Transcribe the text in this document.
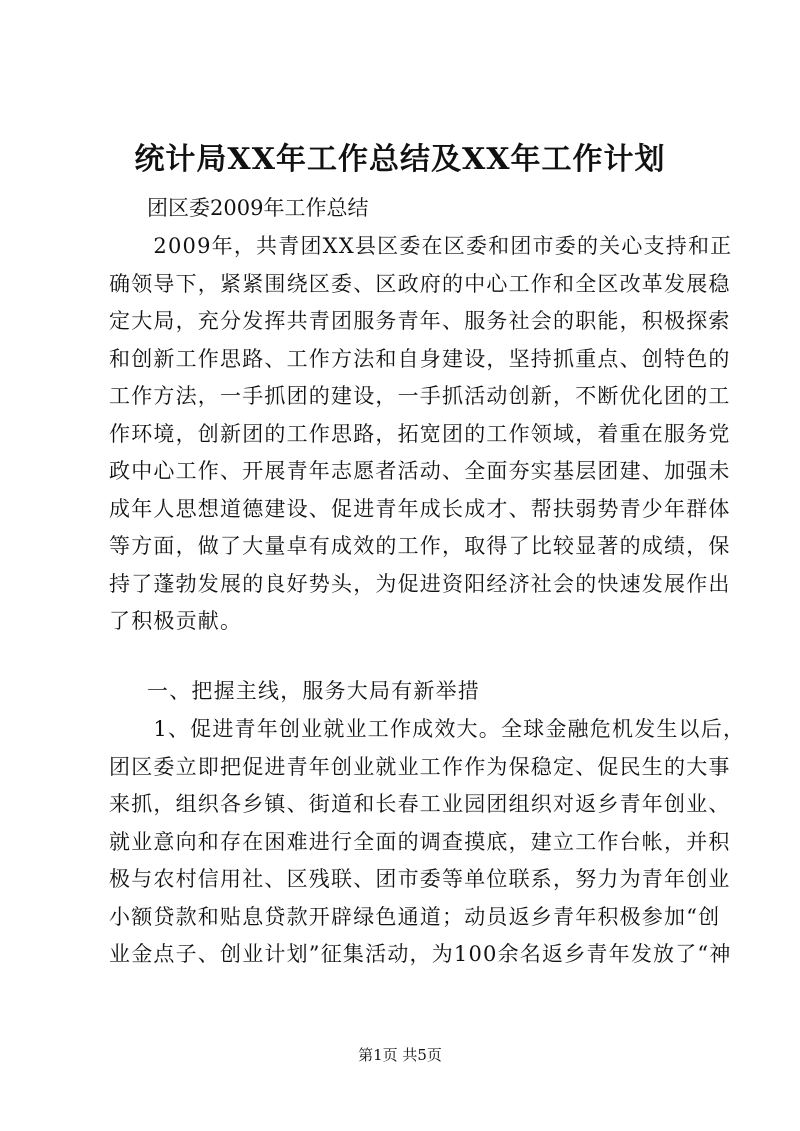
统计局XX年工作总结及XX年工作计划
团区委2009年工作总结

　　2009年，共青团XX县区委在区委和团市委的关心支持和正
确领导下，紧紧围绕区委、区政府的中心工作和全区改革发展稳
定大局，充分发挥共青团服务青年、服务社会的职能，积极探索
和创新工作思路、工作方法和自身建设，坚持抓重点、创特色的
工作方法，一手抓团的建设，一手抓活动创新，不断优化团的工
作环境，创新团的工作思路，拓宽团的工作领域，着重在服务党
政中心工作、开展青年志愿者活动、全面夯实基层团建、加强未
成年人思想道德建设、促进青年成长成才、帮扶弱势青少年群体
等方面，做了大量卓有成效的工作，取得了比较显著的成绩，保
持了蓬勃发展的良好势头，为促进资阳经济社会的快速发展作出
了积极贡献。

一、把握主线，服务大局有新举措

　　1、促进青年创业就业工作成效大。全球金融危机发生以后，
团区委立即把促进青年创业就业工作作为保稳定、促民生的大事
来抓，组织各乡镇、街道和长春工业园团组织对返乡青年创业、
就业意向和存在困难进行全面的调查摸底，建立工作台帐，并积
极与农村信用社、区残联、团市委等单位联系，努力为青年创业
小额贷款和贴息贷款开辟绿色通道；动员返乡青年积极参加“创
业金点子、创业计划”征集活动，为100余名返乡青年发放了“神

第1页 共5页
